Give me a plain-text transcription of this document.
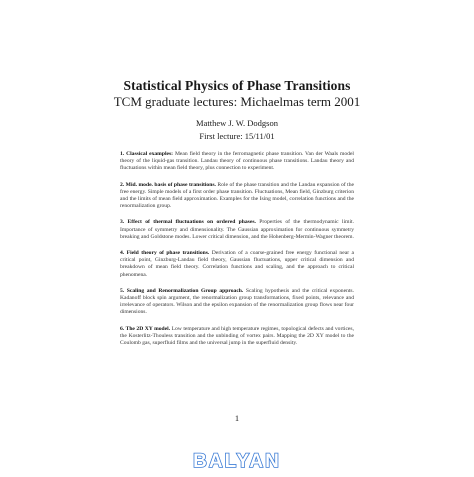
Statistical Physics of Phase Transitions
TCM graduate lectures: Michaelmas term 2001
Matthew J. W. Dodgson
First lecture: 15/11/01
1. Classical examples: Mean field theory in the ferromagnetic phase transition. Van der Waals model theory of the liquid-gas transition. Landau theory of continuous phase transitions. Landau theory and fluctuations within mean field theory, plus connection to experiment.
2. Mid. mode. basis of phase transitions. Role of the phase transition and the Landau expansion of the free energy. Simple models of a first order phase transition. Fluctuations, Mean field, Ginzburg criterion and the limits of mean field approximation. Examples for the Ising model, correlation functions and the renormalization group.
3. Effect of thermal fluctuations on ordered phases. Properties of the thermodynamic limit. Importance of symmetry and dimensionality. The Gaussian approximation for continuous symmetry breaking and Goldstone modes. Lower critical dimension, and the Hohenberg-Mermin-Wagner theorem.
4. Field theory of phase transitions. Derivation of a coarse-grained free energy functional near a critical point, Ginzburg-Landau field theory, Gaussian fluctuations, upper critical dimension and breakdown of mean field theory. Correlation functions and scaling, and the approach to critical phenomena.
5. Scaling and Renormalization Group approach. Scaling hypothesis and the critical exponents. Kadanoff block spin argument, the renormalization group transformations, fixed points, relevance and irrelevance of operators. Wilson and the epsilon expansion of the renormalization group flows near four dimensions.
6. The 2D XY model. Low temperature and high temperature regimes, topological defects and vortices, the Kosterlitz-Thouless transition and the unbinding of vortex pairs. Mapping the 2D XY model to the Coulomb gas, superfluid films and the universal jump in the superfluid density.
1
BALYAN
